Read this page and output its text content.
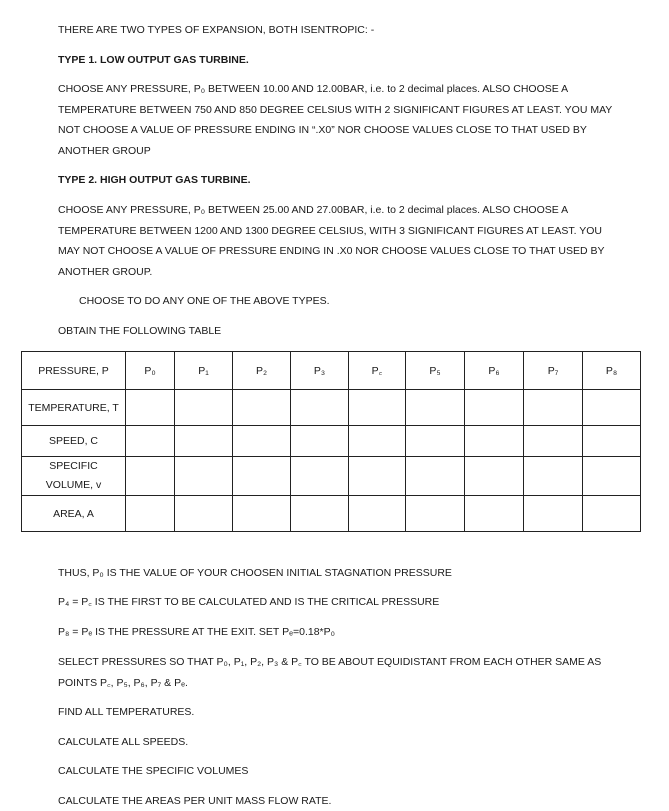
THERE ARE TWO TYPES OF EXPANSION, BOTH ISENTROPIC: -
TYPE 1. LOW OUTPUT GAS TURBINE.
CHOOSE ANY PRESSURE, P₀ BETWEEN 10.00 AND 12.00BAR, i.e. to 2 decimal places. ALSO CHOOSE A
TEMPERATURE BETWEEN 750 AND 850 DEGREE CELSIUS WITH 2 SIGNIFICANT FIGURES AT LEAST. YOU MAY
NOT CHOOSE A VALUE OF PRESSURE ENDING IN “.X0” NOR CHOOSE VALUES CLOSE TO THAT USED BY
ANOTHER GROUP
TYPE 2. HIGH OUTPUT GAS TURBINE.
CHOOSE ANY PRESSURE, P₀ BETWEEN 25.00 AND 27.00BAR, i.e. to 2 decimal places. ALSO CHOOSE A
TEMPERATURE BETWEEN 1200 AND 1300 DEGREE CELSIUS, WITH 3 SIGNIFICANT FIGURES AT LEAST. YOU
MAY NOT CHOOSE A VALUE OF PRESSURE ENDING IN .X0 NOR CHOOSE VALUES CLOSE TO THAT USED BY
ANOTHER GROUP.
CHOOSE TO DO ANY ONE OF THE ABOVE TYPES.
OBTAIN THE FOLLOWING TABLE
PRESSURE, P	P₀	P₁	P₂	P₃	P꜀	P₅	P₆	P₇	P₈
TEMPERATURE, T									
SPEED, C									
SPECIFIC VOLUME, v									
AREA, A									
THUS, P₀ IS THE VALUE OF YOUR CHOOSEN INITIAL STAGNATION PRESSURE
P₄ = P꜀ IS THE FIRST TO BE CALCULATED AND IS THE CRITICAL PRESSURE
P₈ = Pₑ IS THE PRESSURE AT THE EXIT. SET Pₑ=0.18*P₀
SELECT PRESSURES SO THAT P₀, P₁, P₂, P₃ & P꜀ TO BE ABOUT EQUIDISTANT FROM EACH OTHER SAME AS
POINTS P꜀, P₅, P₆, P₇ & Pₑ.
FIND ALL TEMPERATURES.
CALCULATE ALL SPEEDS.
CALCULATE THE SPECIFIC VOLUMES
CALCULATE THE AREAS PER UNIT MASS FLOW RATE.
